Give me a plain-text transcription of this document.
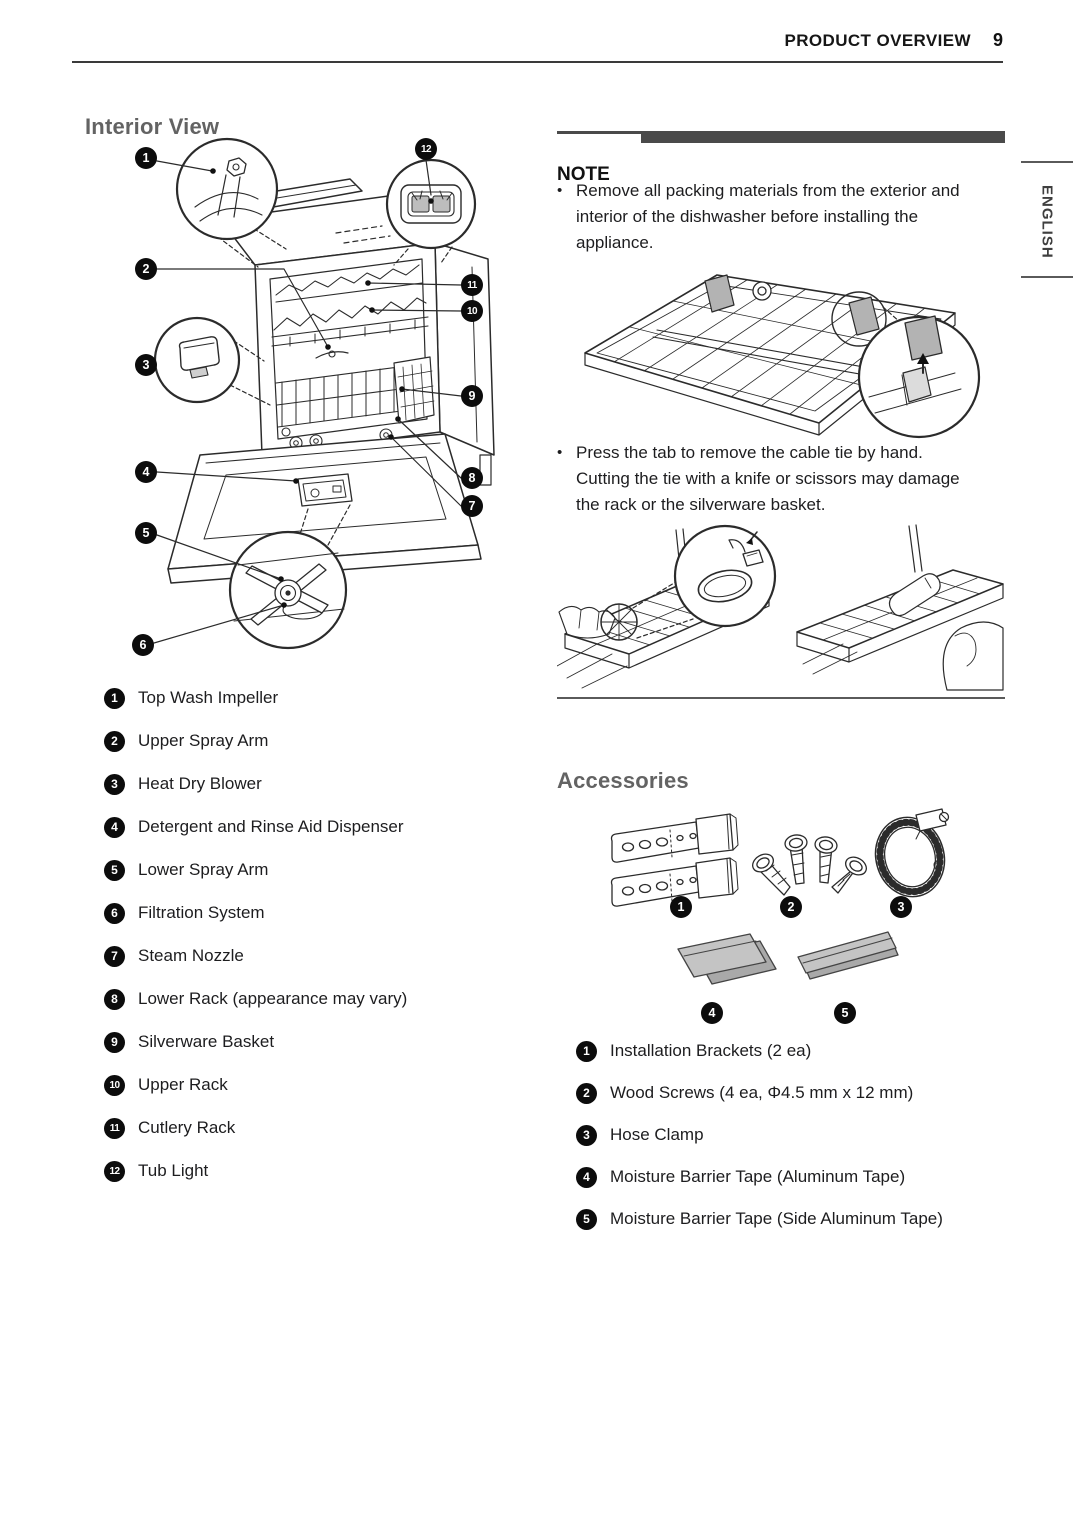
PRODUCT OVERVIEW 9
ENGLISH
Interior View
1
2
3
4
5
6
7
8
9
10
11
12
1	Top Wash Impeller
2	Upper Spray Arm
3	Heat Dry Blower
4	Detergent and Rinse Aid Dispenser
5	Lower Spray Arm
6	Filtration System
7	Steam Nozzle
8	Lower Rack (appearance may vary)
9	Silverware Basket
10	Upper Rack
11	Cutlery Rack
12	Tub Light
NOTE
• Remove all packing materials from the exterior and interior of the dishwasher before installing the appliance.
• Press the tab to remove the cable tie by hand. Cutting the tie with a knife or scissors may damage the rack or the silverware basket.
Accessories
1	2	3
4	5
1	Installation Brackets (2 ea)
2	Wood Screws (4 ea, Φ4.5 mm x 12 mm)
3	Hose Clamp
4	Moisture Barrier Tape (Aluminum Tape)
5	Moisture Barrier Tape (Side Aluminum Tape)
